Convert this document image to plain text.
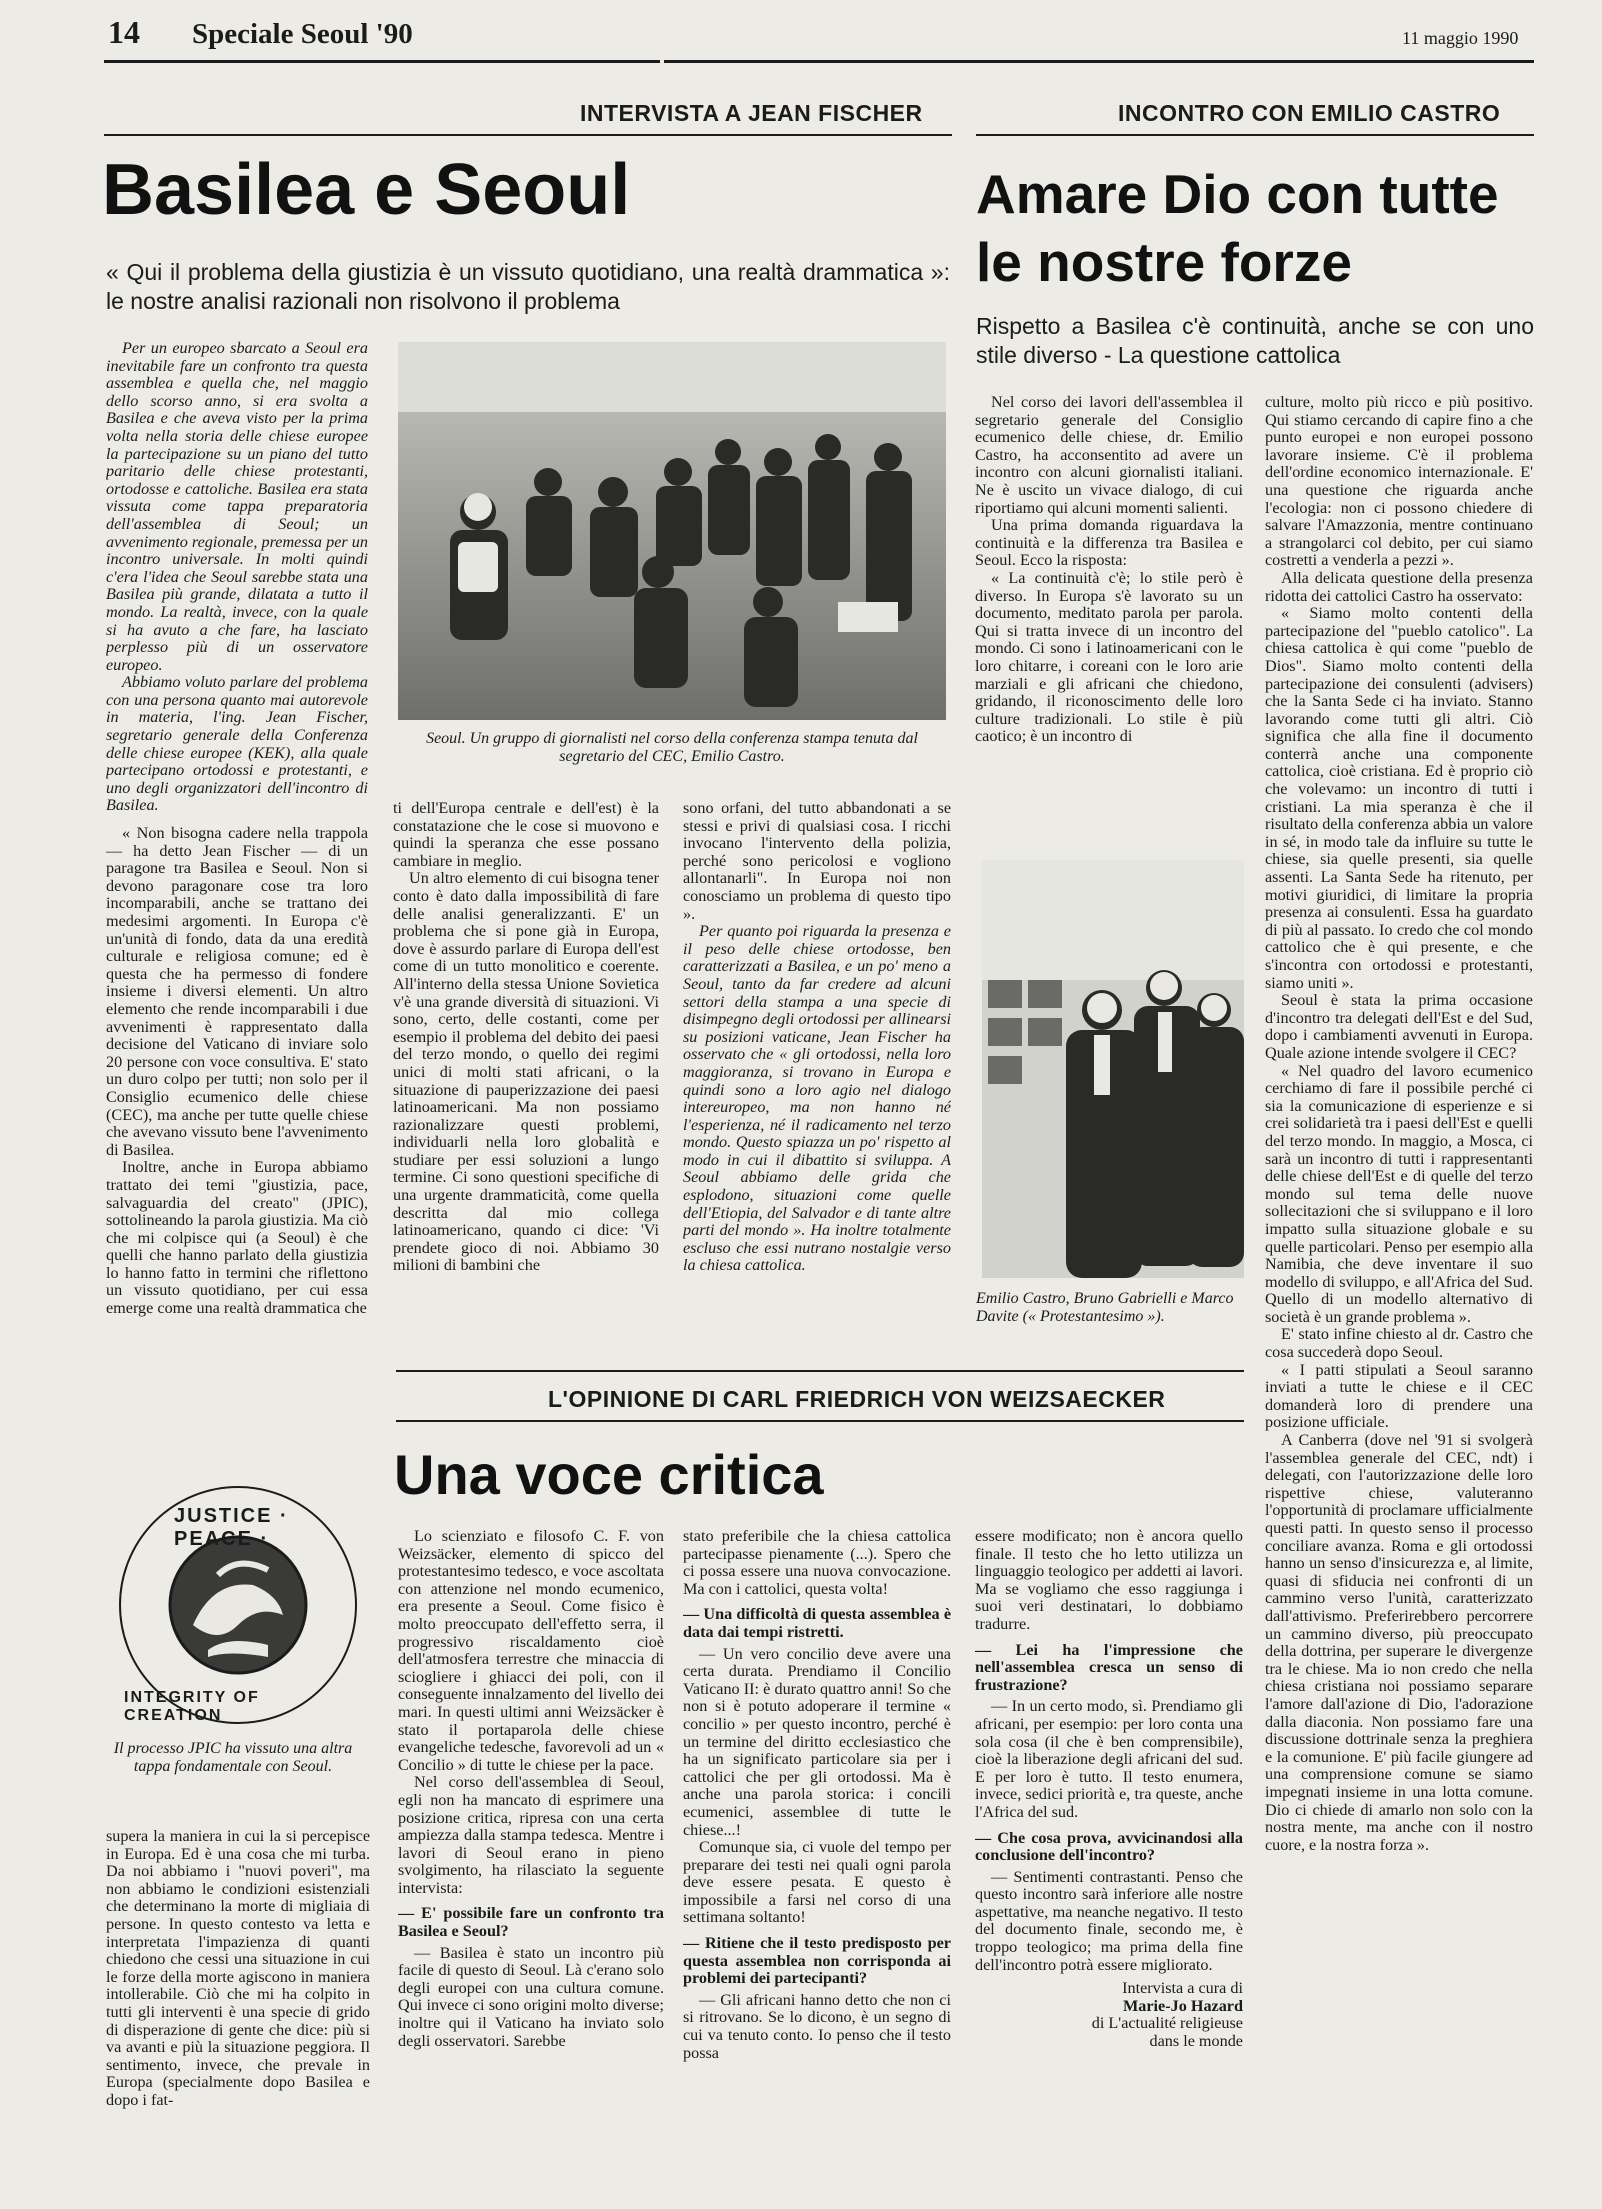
14 Speciale Seoul '90	11 maggio 1990
INTERVISTA A JEAN FISCHER
Basilea e Seoul
« Qui il problema della giustizia è un vissuto quotidiano, una realtà drammatica »: le nostre analisi razionali non risolvono il problema
INCONTRO CON EMILIO CASTRO
Amare Dio con tutte
le nostre forze
Rispetto a Basilea c'è continuità, anche se con uno stile diverso - La questione cattolica

Per un europeo sbarcato a Seoul era inevitabile fare un confronto tra questa assemblea e quella che, nel maggio dello scorso anno, si era svolta a Basilea e che aveva visto per la prima volta nella storia delle chiese europee la partecipazione su un piano del tutto paritario delle chiese protestanti, ortodosse e cattoliche. Basilea era stata vissuta come tappa preparatoria dell'assemblea di Seoul; un avvenimento regionale, premessa per un incontro universale. In molti quindi c'era l'idea che Seoul sarebbe stata una Basilea più grande, dilatata a tutto il mondo. La realtà, invece, con la quale si ha avuto a che fare, ha lasciato perplesso più di un osservatore europeo.

Abbiamo voluto parlare del problema con una persona quanto mai autorevole in materia, l'ing. Jean Fischer, segretario generale della Conferenza delle chiese europee (KEK), alla quale partecipano ortodossi e protestanti, e uno degli organizzatori dell'incontro di Basilea.

« Non bisogna cadere nella trappola — ha detto Jean Fischer — di un paragone tra Basilea e Seoul. Non si devono paragonare cose tra loro incomparabili, anche se trattano dei medesimi argomenti. In Europa c'è un'unità di fondo, data da una eredità culturale e religiosa comune; ed è questa che ha permesso di fondere insieme i diversi elementi. Un altro elemento che rende incomparabili i due avvenimenti è rappresentato dalla decisione del Vaticano di inviare solo 20 persone con voce consultiva. E' stato un duro colpo per tutti; non solo per il Consiglio ecumenico delle chiese (CEC), ma anche per tutte quelle chiese che avevano vissuto bene l'avvenimento di Basilea.

Inoltre, anche in Europa abbiamo trattato dei temi "giustizia, pace, salvaguardia del creato" (JPIC), sottolineando la parola giustizia. Ma ciò che mi colpisce qui (a Seoul) è che quelli che hanno parlato della giustizia lo hanno fatto in termini che riflettono un vissuto quotidiano, per cui essa emerge come una realtà drammatica che

Seoul. Un gruppo di giornalisti nel corso della conferenza stampa tenuta dal segretario del CEC, Emilio Castro.

ti dell'Europa centrale e dell'est) è la constatazione che le cose si muovono e quindi la speranza che esse possano cambiare in meglio.

Un altro elemento di cui bisogna tener conto è dato dalla impossibilità di fare delle analisi generalizzanti. E' un problema che si pone già in Europa, dove è assurdo parlare di Europa dell'est come di un tutto monolitico e coerente. All'interno della stessa Unione Sovietica v'è una grande diversità di situazioni. Vi sono, certo, delle costanti, come per esempio il problema del debito dei paesi del terzo mondo, o quello dei regimi unici di molti stati africani, o la situazione di pauperizzazione dei paesi latinoamericani. Ma non possiamo razionalizzare questi problemi, individuarli nella loro globalità e studiare per essi soluzioni a lungo termine. Ci sono questioni specifiche di una urgente drammaticità, come quella descritta dal mio collega latinoamericano, quando ci dice: 'Vi prendete gioco di noi. Abbiamo 30 milioni di bambini che

sono orfani, del tutto abbandonati a se stessi e privi di qualsiasi cosa. I ricchi invocano l'intervento della polizia, perché sono pericolosi e vogliono allontanarli". In Europa noi non conosciamo un problema di questo tipo ».

Per quanto poi riguarda la presenza e il peso delle chiese ortodosse, ben caratterizzati a Basilea, e un po' meno a Seoul, tanto da far credere ad alcuni settori della stampa a una specie di disimpegno degli ortodossi per allinearsi su posizioni vaticane, Jean Fischer ha osservato che « gli ortodossi, nella loro maggioranza, si trovano in Europa e quindi sono a loro agio nel dialogo intereuropeo, ma non hanno né l'esperienza, né il radicamento nel terzo mondo. Questo spiazza un po' rispetto al modo in cui il dibattito si sviluppa. A Seoul abbiamo delle grida che esplodono, situazioni come quelle dell'Etiopia, del Salvador e di tante altre parti del mondo ». Ha inoltre totalmente escluso che essi nutrano nostalgie verso la chiesa cattolica.

JUSTICE · PEACE ·
INTEGRITY OF CREATION
Il processo JPIC ha vissuto una altra tappa fondamentale con Seoul.

supera la maniera in cui la si percepisce in Europa. Ed è una cosa che mi turba. Da noi abbiamo i "nuovi poveri", ma non abbiamo le condizioni esistenziali che determinano la morte di migliaia di persone. In questo contesto va letta e interpretata l'impazienza di quanti chiedono che cessi una situazione in cui le forze della morte agiscono in maniera intollerabile. Ciò che mi ha colpito in tutti gli interventi è una specie di grido di disperazione di gente che dice: più si va avanti e più la situazione peggiora. Il sentimento, invece, che prevale in Europa (specialmente dopo Basilea e dopo i fat-

Nel corso dei lavori dell'assemblea il segretario generale del Consiglio ecumenico delle chiese, dr. Emilio Castro, ha acconsentito ad avere un incontro con alcuni giornalisti italiani. Ne è uscito un vivace dialogo, di cui riportiamo qui alcuni momenti salienti.

Una prima domanda riguardava la continuità e la differenza tra Basilea e Seoul. Ecco la risposta:

« La continuità c'è; lo stile però è diverso. In Europa s'è lavorato su un documento, meditato parola per parola. Qui si tratta invece di un incontro del mondo. Ci sono i latinoamericani con le loro chitarre, i coreani con le loro arie marziali e gli africani che chiedono, gridando, il riconoscimento delle loro culture tradizionali. Lo stile è più caotico; è un incontro di

Emilio Castro, Bruno Gabrielli e Marco Davite (« Protestantesimo »).

culture, molto più ricco e più positivo. Qui stiamo cercando di capire fino a che punto europei e non europei possono lavorare insieme. C'è il problema dell'ordine economico internazionale. E' una questione che riguarda anche l'ecologia: non ci possono chiedere di salvare l'Amazzonia, mentre continuano a strangolarci col debito, per cui siamo costretti a venderla a pezzi ».

Alla delicata questione della presenza ridotta dei cattolici Castro ha osservato:

« Siamo molto contenti della partecipazione del "pueblo catolico". La chiesa cattolica è qui come "pueblo de Dios". Siamo molto contenti della partecipazione dei consulenti (advisers) che la Santa Sede ci ha inviato. Stanno lavorando come tutti gli altri. Ciò significa che alla fine il documento conterrà anche una componente cattolica, cioè cristiana. Ed è proprio ciò che volevamo: un incontro di tutti i cristiani. La mia speranza è che il risultato della conferenza abbia un valore in sé, in modo tale da influire su tutte le chiese, sia quelle presenti, sia quelle assenti. La Santa Sede ha ritenuto, per motivi giuridici, di limitare la propria presenza ai consulenti. Essa ha guardato di più al passato. Io credo che col mondo cattolico che è qui presente, e che s'incontra con ortodossi e protestanti, siamo uniti ».

Seoul è stata la prima occasione d'incontro tra delegati dell'Est e del Sud, dopo i cambiamenti avvenuti in Europa. Quale azione intende svolgere il CEC?

« Nel quadro del lavoro ecumenico cerchiamo di fare il possibile perché ci sia la comunicazione di esperienze e si crei solidarietà tra i paesi dell'Est e quelli del terzo mondo. In maggio, a Mosca, ci sarà un incontro di tutti i rappresentanti delle chiese dell'Est e di quelle del terzo mondo sul tema delle nuove sollecitazioni che si sviluppano e il loro impatto sulla situazione globale e su quelle particolari. Penso per esempio alla Namibia, che deve inventare il suo modello di sviluppo, e all'Africa del Sud. Quello di un modello alternativo di società è un grande problema ».

E' stato infine chiesto al dr. Castro che cosa succederà dopo Seoul.

« I patti stipulati a Seoul saranno inviati a tutte le chiese e il CEC domanderà loro di prendere una posizione ufficiale.

A Canberra (dove nel '91 si svolgerà l'assemblea generale del CEC, ndt) i delegati, con l'autorizzazione delle loro rispettive chiese, valuteranno l'opportunità di proclamare ufficialmente questi patti. In questo senso il processo conciliare avanza. Roma e gli ortodossi hanno un senso d'insicurezza e, al limite, quasi di sfiducia nei confronti di un cammino verso l'unità, caratterizzato dall'attivismo. Preferirebbero percorrere un cammino diverso, più preoccupato della dottrina, per superare le divergenze tra le chiese. Ma io non credo che nella chiesa cristiana noi possiamo separare l'amore dall'azione di Dio, l'adorazione dalla diaconia. Non possiamo fare una discussione dottrinale senza la preghiera e la comunione. E' più facile giungere ad una comprensione comune se siamo impegnati insieme in una lotta comune. Dio ci chiede di amarlo non solo con la nostra mente, ma anche con il nostro cuore, e la nostra forza ».

L'OPINIONE DI CARL FRIEDRICH VON WEIZSAECKER
Una voce critica

Lo scienziato e filosofo C. F. von Weizsäcker, elemento di spicco del protestantesimo tedesco, e voce ascoltata con attenzione nel mondo ecumenico, era presente a Seoul. Come fisico è molto preoccupato dell'effetto serra, il progressivo riscaldamento cioè dell'atmosfera terrestre che minaccia di sciogliere i ghiacci dei poli, con il conseguente innalzamento del livello dei mari. In questi ultimi anni Weizsäcker è stato il portaparola delle chiese evangeliche tedesche, favorevoli ad un « Concilio » di tutte le chiese per la pace.

Nel corso dell'assemblea di Seoul, egli non ha mancato di esprimere una posizione critica, ripresa con una certa ampiezza dalla stampa tedesca. Mentre i lavori di Seoul erano in pieno svolgimento, ha rilasciato la seguente intervista:

— E' possibile fare un confronto tra Basilea e Seoul?

— Basilea è stato un incontro più facile di questo di Seoul. Là c'erano solo degli europei con una cultura comune. Qui invece ci sono origini molto diverse; inoltre qui il Vaticano ha inviato solo degli osservatori. Sarebbe

stato preferibile che la chiesa cattolica partecipasse pienamente (...). Spero che ci possa essere una nuova convocazione. Ma con i cattolici, questa volta!

— Una difficoltà di questa assemblea è data dai tempi ristretti.

— Un vero concilio deve avere una certa durata. Prendiamo il Concilio Vaticano II: è durato quattro anni! So che non si è potuto adoperare il termine « concilio » per questo incontro, perché è un termine del diritto ecclesiastico che ha un significato particolare sia per i cattolici che per gli ortodossi. Ma è anche una parola storica: i concili ecumenici, assemblee di tutte le chiese...!

Comunque sia, ci vuole del tempo per preparare dei testi nei quali ogni parola deve essere pesata. E questo è impossibile a farsi nel corso di una settimana soltanto!

— Ritiene che il testo predisposto per questa assemblea non corrisponda ai problemi dei partecipanti?

— Gli africani hanno detto che non ci si ritrovano. Se lo dicono, è un segno di cui va tenuto conto. Io penso che il testo possa

essere modificato; non è ancora quello finale. Il testo che ho letto utilizza un linguaggio teologico per addetti ai lavori. Ma se vogliamo che esso raggiunga i suoi veri destinatari, lo dobbiamo tradurre.

— Lei ha l'impressione che nell'assemblea cresca un senso di frustrazione?

— In un certo modo, sì. Prendiamo gli africani, per esempio: per loro conta una sola cosa (il che è ben comprensibile), cioè la liberazione degli africani del sud. E per loro è tutto. Il testo enumera, invece, sedici priorità e, tra queste, anche l'Africa del sud.

— Che cosa prova, avvicinandosi alla conclusione dell'incontro?

— Sentimenti contrastanti. Penso che questo incontro sarà inferiore alle nostre aspettative, ma neanche negativo. Il testo del documento finale, secondo me, è troppo teologico; ma prima della fine dell'incontro potrà essere migliorato.

Intervista a cura di

Marie-Jo Hazard

di L'actualité religieuse

dans le monde
